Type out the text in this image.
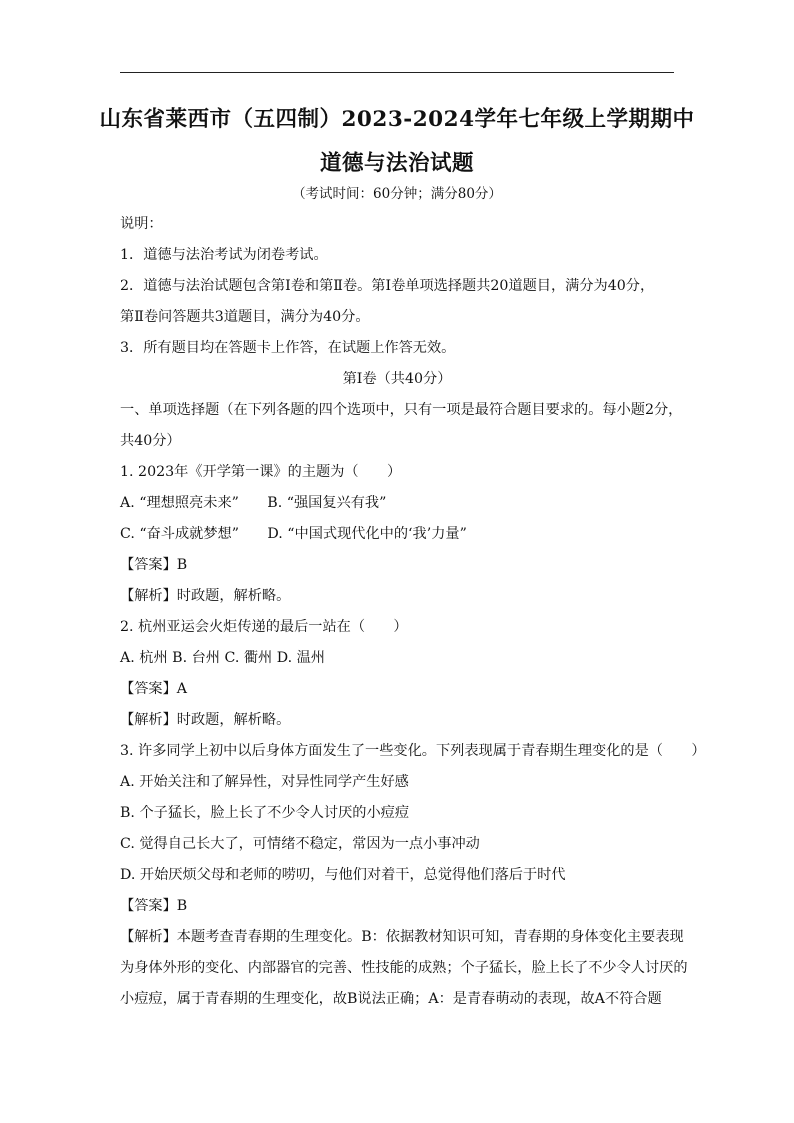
山东省莱西市（五四制）2023-2024学年七年级上学期期中
道德与法治试题
（考试时间：60分钟；满分80分）
说明：
1．道德与法治考试为闭卷考试。
2．道德与法治试题包含第Ⅰ卷和第Ⅱ卷。第Ⅰ卷单项选择题共20道题目，满分为40分，
第Ⅱ卷问答题共3道题目，满分为40分。
3．所有题目均在答题卡上作答，在试题上作答无效。
第Ⅰ卷（共40分）
一、单项选择题（在下列各题的四个选项中，只有一项是最符合题目要求的。每小题2分，
共40分）
1. 2023年《开学第一课》的主题为（　　）
A. “理想照亮未来”　　B. “强国复兴有我”
C. “奋斗成就梦想”　　D. “中国式现代化中的‘我’力量”
【答案】B
【解析】时政题，解析略。
2. 杭州亚运会火炬传递的最后一站在（　　）
A. 杭州 B. 台州 C. 衢州 D. 温州
【答案】A
【解析】时政题，解析略。
3. 许多同学上初中以后身体方面发生了一些变化。下列表现属于青春期生理变化的是（　　）
A. 开始关注和了解异性，对异性同学产生好感
B. 个子猛长，脸上长了不少令人讨厌的小痘痘
C. 觉得自己长大了，可情绪不稳定，常因为一点小事冲动
D. 开始厌烦父母和老师的唠叨，与他们对着干，总觉得他们落后于时代
【答案】B
【解析】本题考查青春期的生理变化。B：依据教材知识可知，青春期的身体变化主要表现
为身体外形的变化、内部器官的完善、性技能的成熟；个子猛长，脸上长了不少令人讨厌的
小痘痘，属于青春期的生理变化，故B说法正确；A：是青春萌动的表现，故A不符合题
